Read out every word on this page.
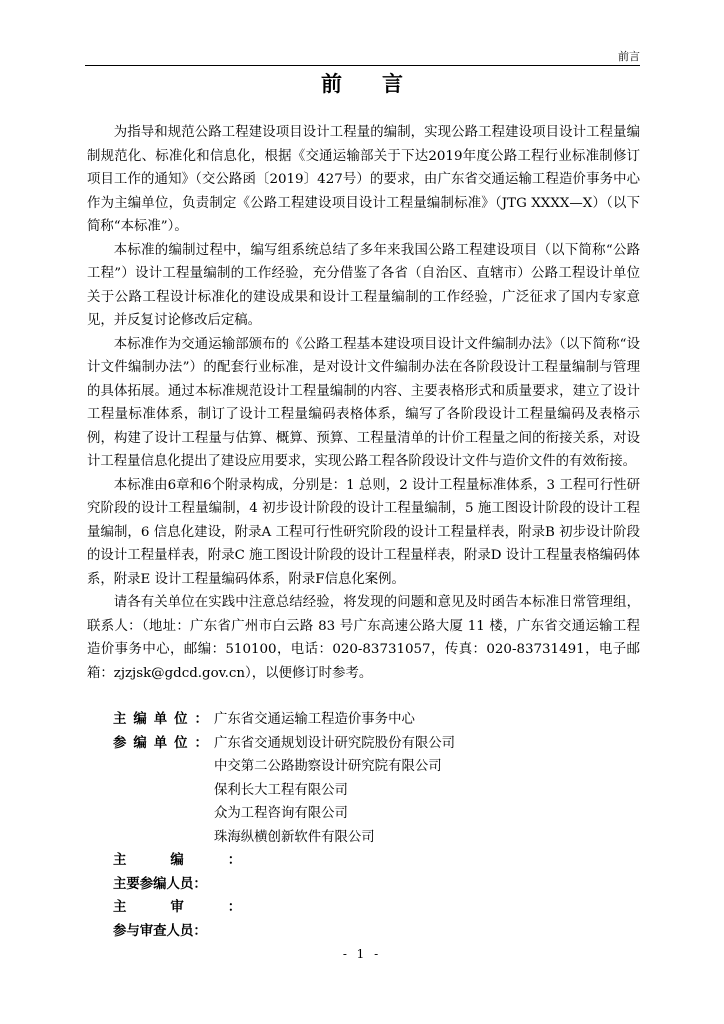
前言
前言

为指导和规范公路工程建设项目设计工程量的编制，实现公路工程建设项目设计工程量编制规范化、标准化和信息化，根据《交通运输部关于下达2019年度公路工程行业标准制修订项目工作的通知》（交公路函〔2019〕427号）的要求，由广东省交通运输工程造价事务中心作为主编单位，负责制定《公路工程建设项目设计工程量编制标准》（JTG XXXX—X）（以下简称“本标准”）。

本标准的编制过程中，编写组系统总结了多年来我国公路工程建设项目（以下简称“公路工程”）设计工程量编制的工作经验，充分借鉴了各省（自治区、直辖市）公路工程设计单位关于公路工程设计标准化的建设成果和设计工程量编制的工作经验，广泛征求了国内专家意见，并反复讨论修改后定稿。

本标准作为交通运输部颁布的《公路工程基本建设项目设计文件编制办法》（以下简称“设计文件编制办法”）的配套行业标准，是对设计文件编制办法在各阶段设计工程量编制与管理的具体拓展。通过本标准规范设计工程量编制的内容、主要表格形式和质量要求，建立了设计工程量标准体系，制订了设计工程量编码表格体系，编写了各阶段设计工程量编码及表格示例，构建了设计工程量与估算、概算、预算、工程量清单的计价工程量之间的衔接关系，对设计工程量信息化提出了建设应用要求，实现公路工程各阶段设计文件与造价文件的有效衔接。

本标准由6章和6个附录构成，分别是：1 总则，2 设计工程量标准体系，3 工程可行性研究阶段的设计工程量编制，4 初步设计阶段的设计工程量编制，5 施工图设计阶段的设计工程量编制，6 信息化建设，附录A 工程可行性研究阶段的设计工程量样表，附录B 初步设计阶段的设计工程量样表，附录C 施工图设计阶段的设计工程量样表，附录D 设计工程量表格编码体系，附录E 设计工程量编码体系，附录F信息化案例。

请各有关单位在实践中注意总结经验，将发现的问题和意见及时函告本标准日常管理组，联系人：（地址：广东省广州市白云路 83 号广东高速公路大厦 11 楼，广东省交通运输工程造价事务中心，邮编：510100，电话：020-83731057，传真：020-83731491，电子邮箱：zjzjsk@gdcd.gov.cn），以便修订时参考。

主编单位： 广东省交通运输工程造价事务中心
参编单位： 广东省交通规划设计研究院股份有限公司
中交第二公路勘察设计研究院有限公司
保利长大工程有限公司
众为工程咨询有限公司
珠海纵横创新软件有限公司
主编：
主要参编人员：
主审：
参与审查人员：
- 1 -
